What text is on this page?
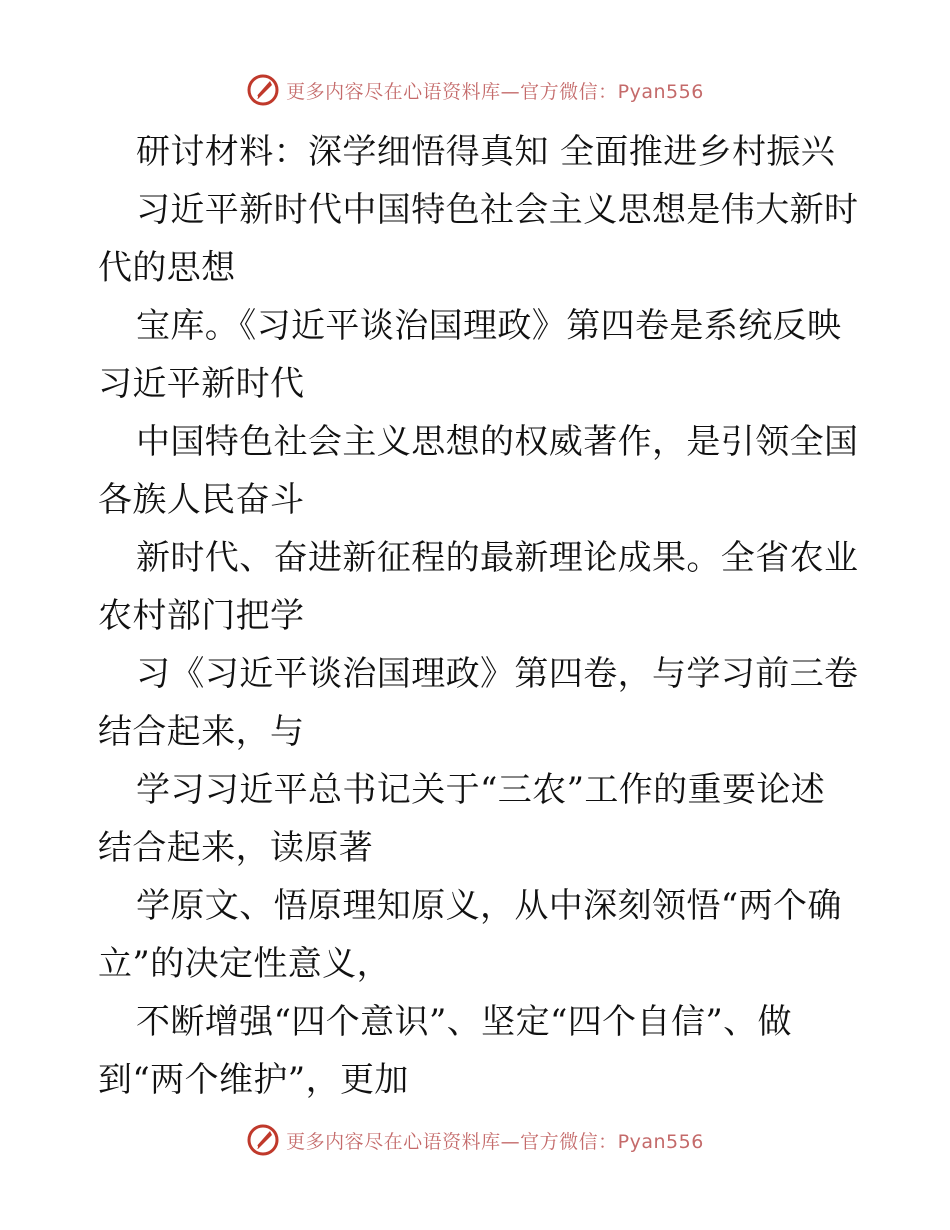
更多内容尽在心语资料库—官方微信：Pyan556
研讨材料：深学细悟得真知 全面推进乡村振兴
习近平新时代中国特色社会主义思想是伟大新时
代的思想
宝库。《习近平谈治国理政》第四卷是系统反映
习近平新时代
中国特色社会主义思想的权威著作，是引领全国
各族人民奋斗
新时代、奋进新征程的最新理论成果。全省农业
农村部门把学
习《习近平谈治国理政》第四卷，与学习前三卷
结合起来，与
学习习近平总书记关于“三农”工作的重要论述
结合起来，读原著
学原文、悟原理知原义，从中深刻领悟“两个确
立”的决定性意义，
不断增强“四个意识”、坚定“四个自信”、做
到“两个维护”，更加
更多内容尽在心语资料库—官方微信：Pyan556
